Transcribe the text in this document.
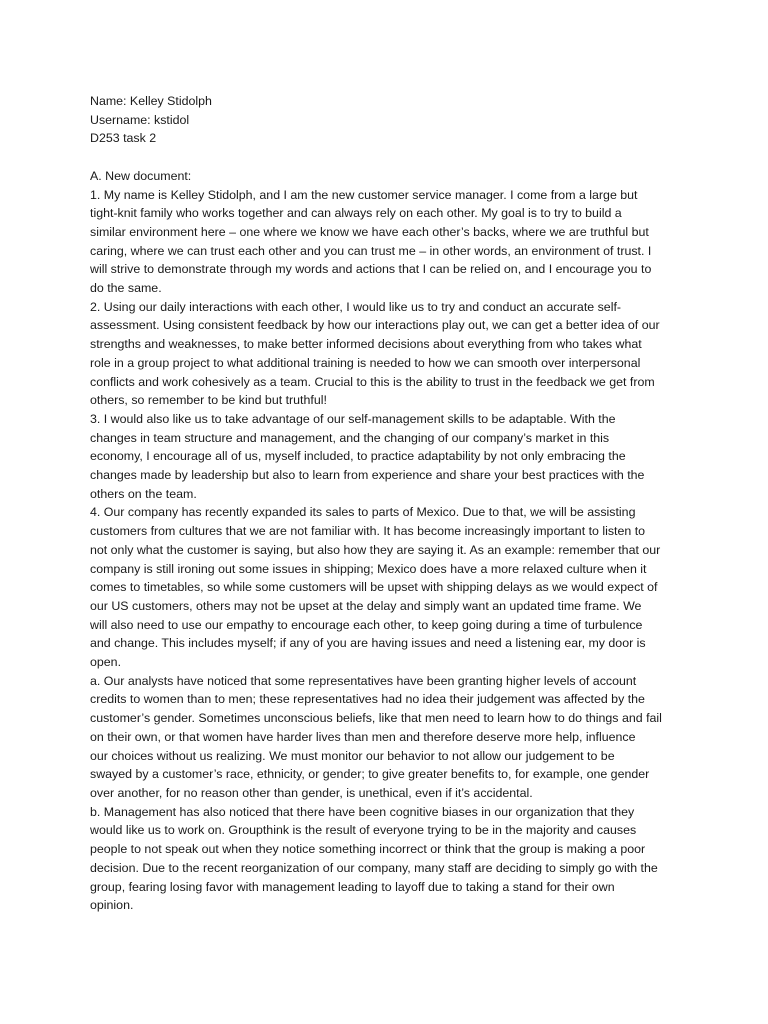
Name: Kelley Stidolph
Username: kstidol
D253 task 2
A. New document:
1. My name is Kelley Stidolph, and I am the new customer service manager. I come from a large but
tight-knit family who works together and can always rely on each other. My goal is to try to build a
similar environment here – one where we know we have each other’s backs, where we are truthful but
caring, where we can trust each other and you can trust me – in other words, an environment of trust. I
will strive to demonstrate through my words and actions that I can be relied on, and I encourage you to
do the same.
2. Using our daily interactions with each other, I would like us to try and conduct an accurate self-
assessment. Using consistent feedback by how our interactions play out, we can get a better idea of our
strengths and weaknesses, to make better informed decisions about everything from who takes what
role in a group project to what additional training is needed to how we can smooth over interpersonal
conflicts and work cohesively as a team. Crucial to this is the ability to trust in the feedback we get from
others, so remember to be kind but truthful!
3. I would also like us to take advantage of our self-management skills to be adaptable. With the
changes in team structure and management, and the changing of our company’s market in this
economy, I encourage all of us, myself included, to practice adaptability by not only embracing the
changes made by leadership but also to learn from experience and share your best practices with the
others on the team.
4. Our company has recently expanded its sales to parts of Mexico. Due to that, we will be assisting
customers from cultures that we are not familiar with. It has become increasingly important to listen to
not only what the customer is saying, but also how they are saying it. As an example: remember that our
company is still ironing out some issues in shipping; Mexico does have a more relaxed culture when it
comes to timetables, so while some customers will be upset with shipping delays as we would expect of
our US customers, others may not be upset at the delay and simply want an updated time frame. We
will also need to use our empathy to encourage each other, to keep going during a time of turbulence
and change. This includes myself; if any of you are having issues and need a listening ear, my door is
open.
a. Our analysts have noticed that some representatives have been granting higher levels of account
credits to women than to men; these representatives had no idea their judgement was affected by the
customer’s gender. Sometimes unconscious beliefs, like that men need to learn how to do things and fail
on their own, or that women have harder lives than men and therefore deserve more help, influence
our choices without us realizing. We must monitor our behavior to not allow our judgement to be
swayed by a customer’s race, ethnicity, or gender; to give greater benefits to, for example, one gender
over another, for no reason other than gender, is unethical, even if it’s accidental.
b. Management has also noticed that there have been cognitive biases in our organization that they
would like us to work on. Groupthink is the result of everyone trying to be in the majority and causes
people to not speak out when they notice something incorrect or think that the group is making a poor
decision. Due to the recent reorganization of our company, many staff are deciding to simply go with the
group, fearing losing favor with management leading to layoff due to taking a stand for their own
opinion.
